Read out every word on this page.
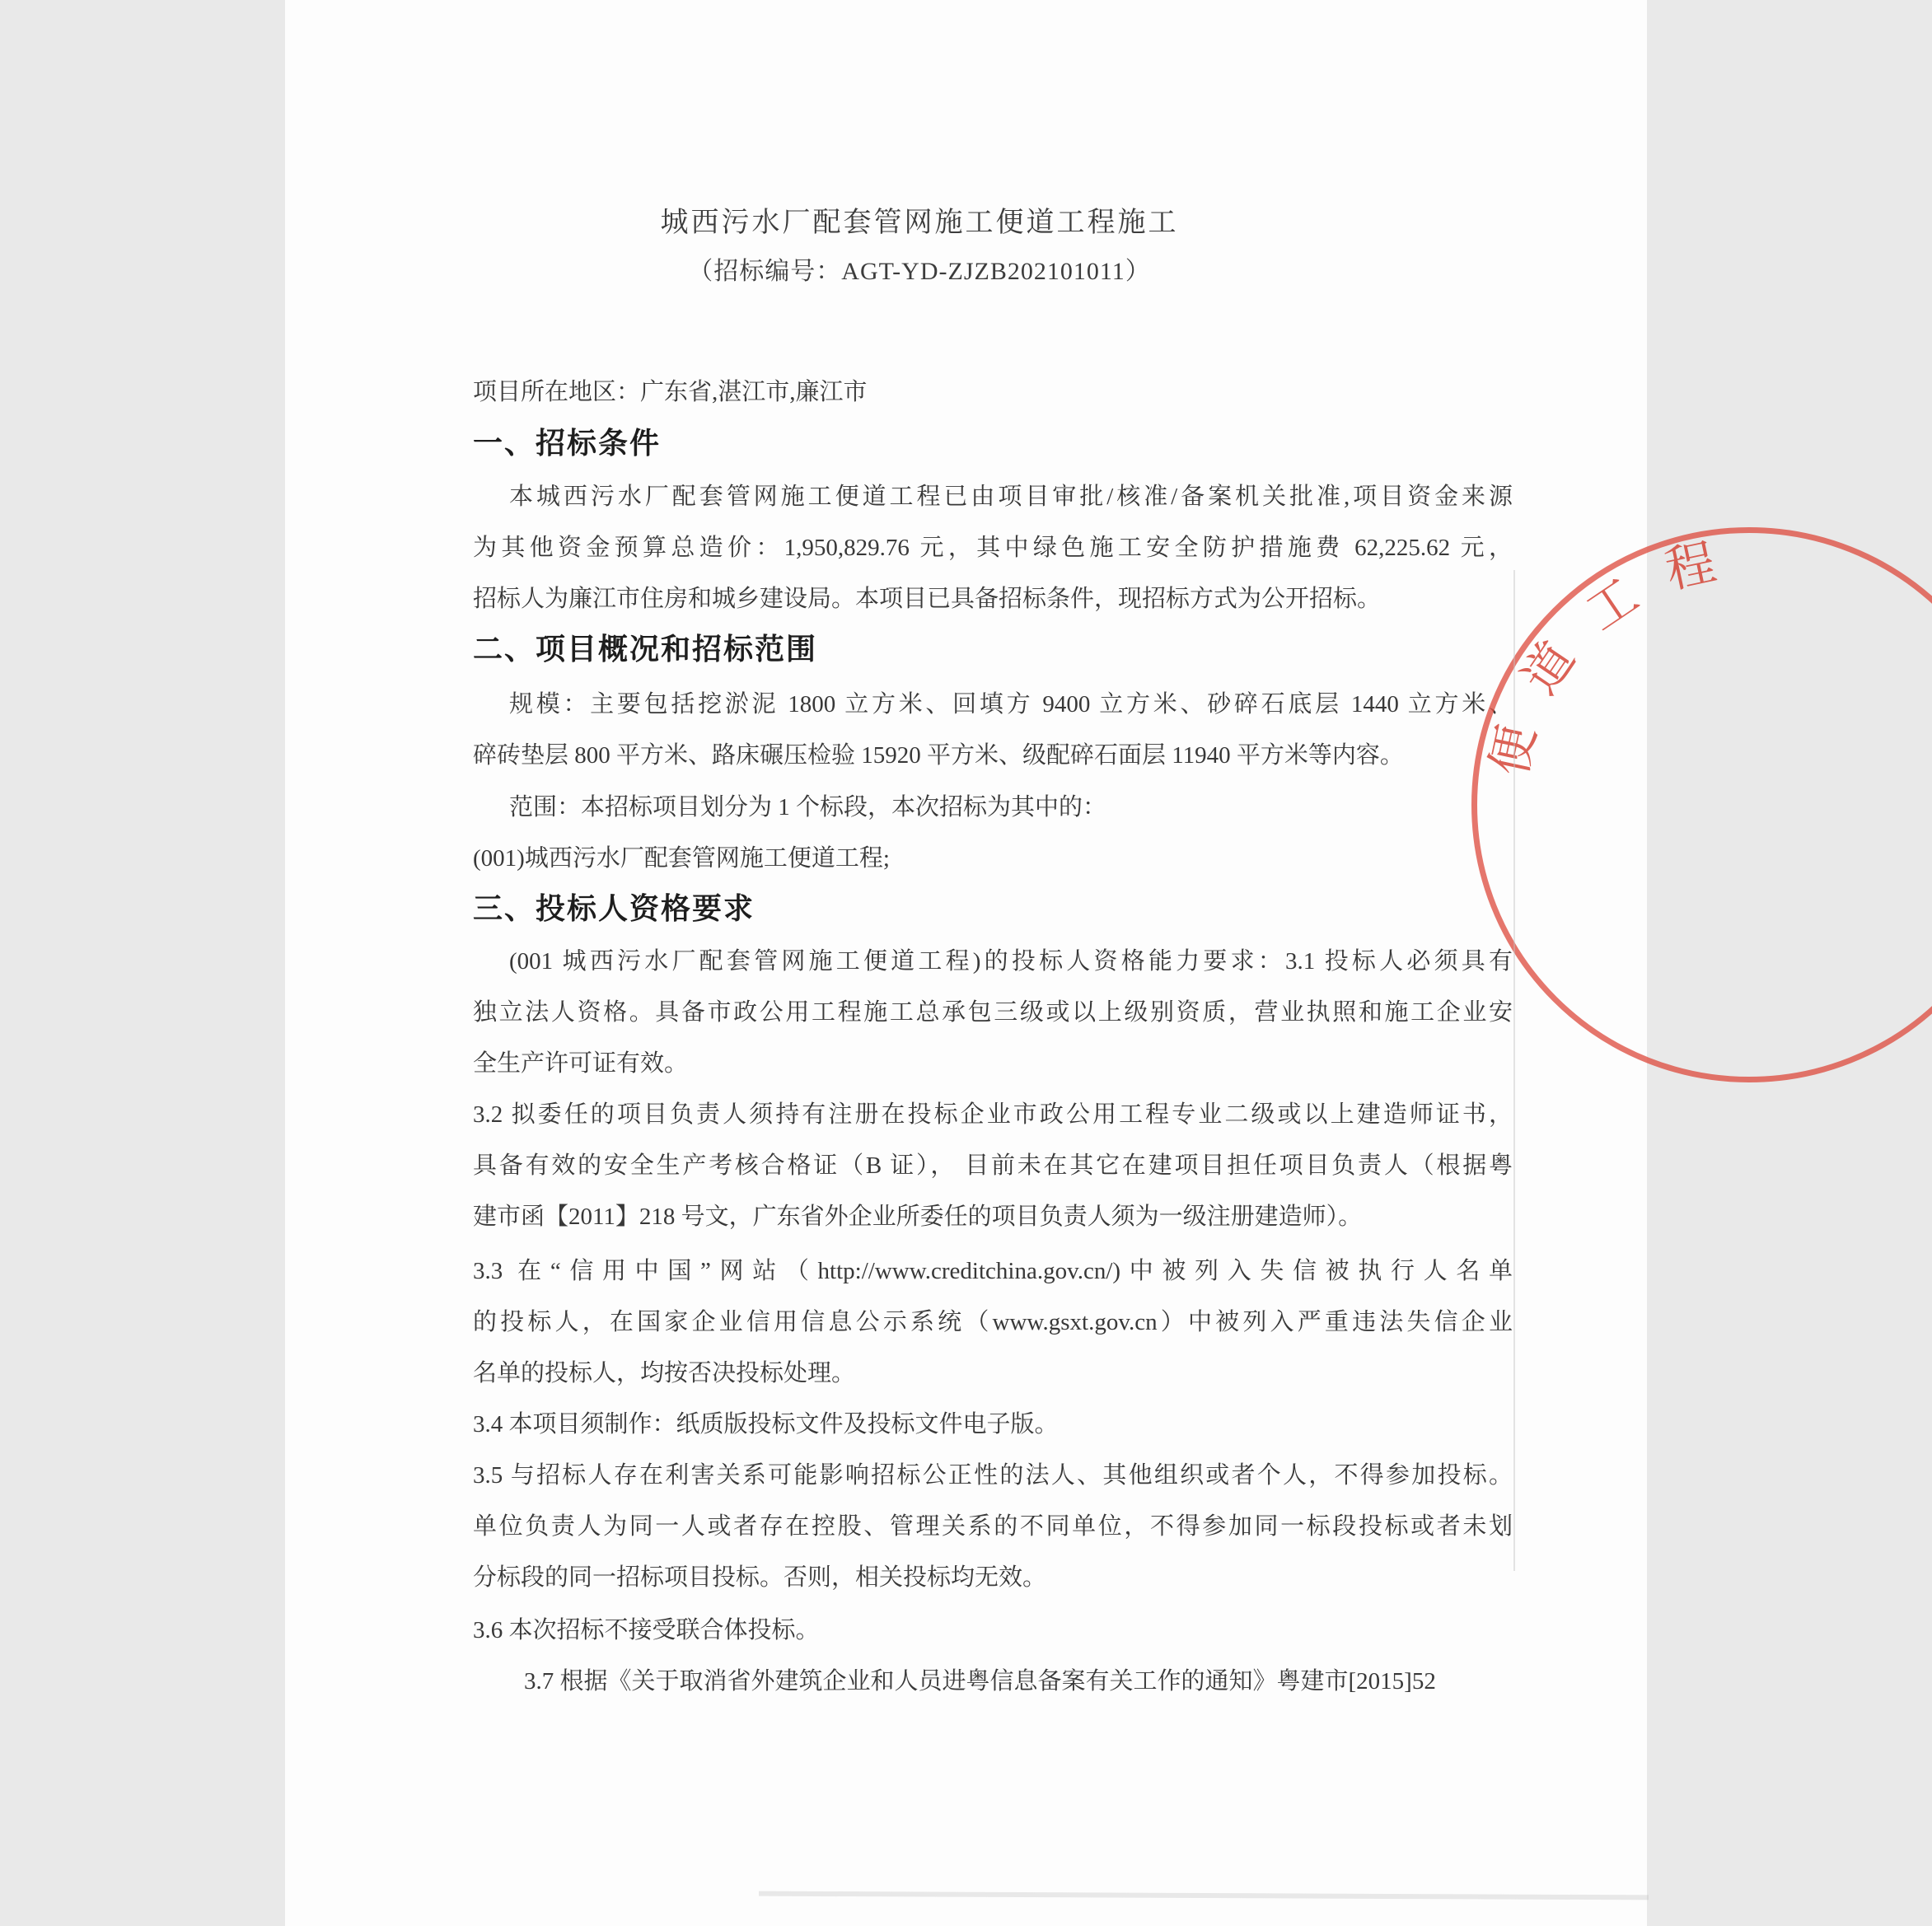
城西污水厂配套管网施工便道工程施工
（招标编号：AGT-YD-ZJZB202101011）
项目所在地区：广东省,湛江市,廉江市
一、招标条件
本城西污水厂配套管网施工便道工程已由项目审批/核准/备案机关批准,项目资金来源
为其他资金预算总造价：1,950,829.76 元，其中绿色施工安全防护措施费 62,225.62 元，
招标人为廉江市住房和城乡建设局。本项目已具备招标条件，现招标方式为公开招标。
二、项目概况和招标范围
规模：主要包括挖淤泥 1800 立方米、回填方 9400 立方米、砂碎石底层 1440 立方米、
碎砖垫层 800 平方米、路床碾压检验 15920 平方米、级配碎石面层 11940 平方米等内容。
范围：本招标项目划分为 1 个标段，本次招标为其中的：
(001)城西污水厂配套管网施工便道工程;
三、投标人资格要求
(001 城西污水厂配套管网施工便道工程)的投标人资格能力要求：3.1 投标人必须具有
独立法人资格。具备市政公用工程施工总承包三级或以上级别资质，营业执照和施工企业安
全生产许可证有效。
3.2 拟委任的项目负责人须持有注册在投标企业市政公用工程专业二级或以上建造师证书，
具备有效的安全生产考核合格证（B 证）， 目前未在其它在建项目担任项目负责人（根据粤
建市函【2011】218 号文，广东省外企业所委任的项目负责人须为一级注册建造师）。
3.3 在“信用中国”网站（http://www.creditchina.gov.cn/)中被列入失信被执行人名单
的投标人，在国家企业信用信息公示系统（www.gsxt.gov.cn）中被列入严重违法失信企业
名单的投标人，均按否决投标处理。
3.4 本项目须制作：纸质版投标文件及投标文件电子版。
3.5 与招标人存在利害关系可能影响招标公正性的法人、其他组织或者个人，不得参加投标。
单位负责人为同一人或者存在控股、管理关系的不同单位，不得参加同一标段投标或者未划
分标段的同一招标项目投标。否则，相关投标均无效。
3.6 本次招标不接受联合体投标。
3.7 根据《关于取消省外建筑企业和人员进粤信息备案有关工作的通知》粤建市[2015]52
便
道
工
程
